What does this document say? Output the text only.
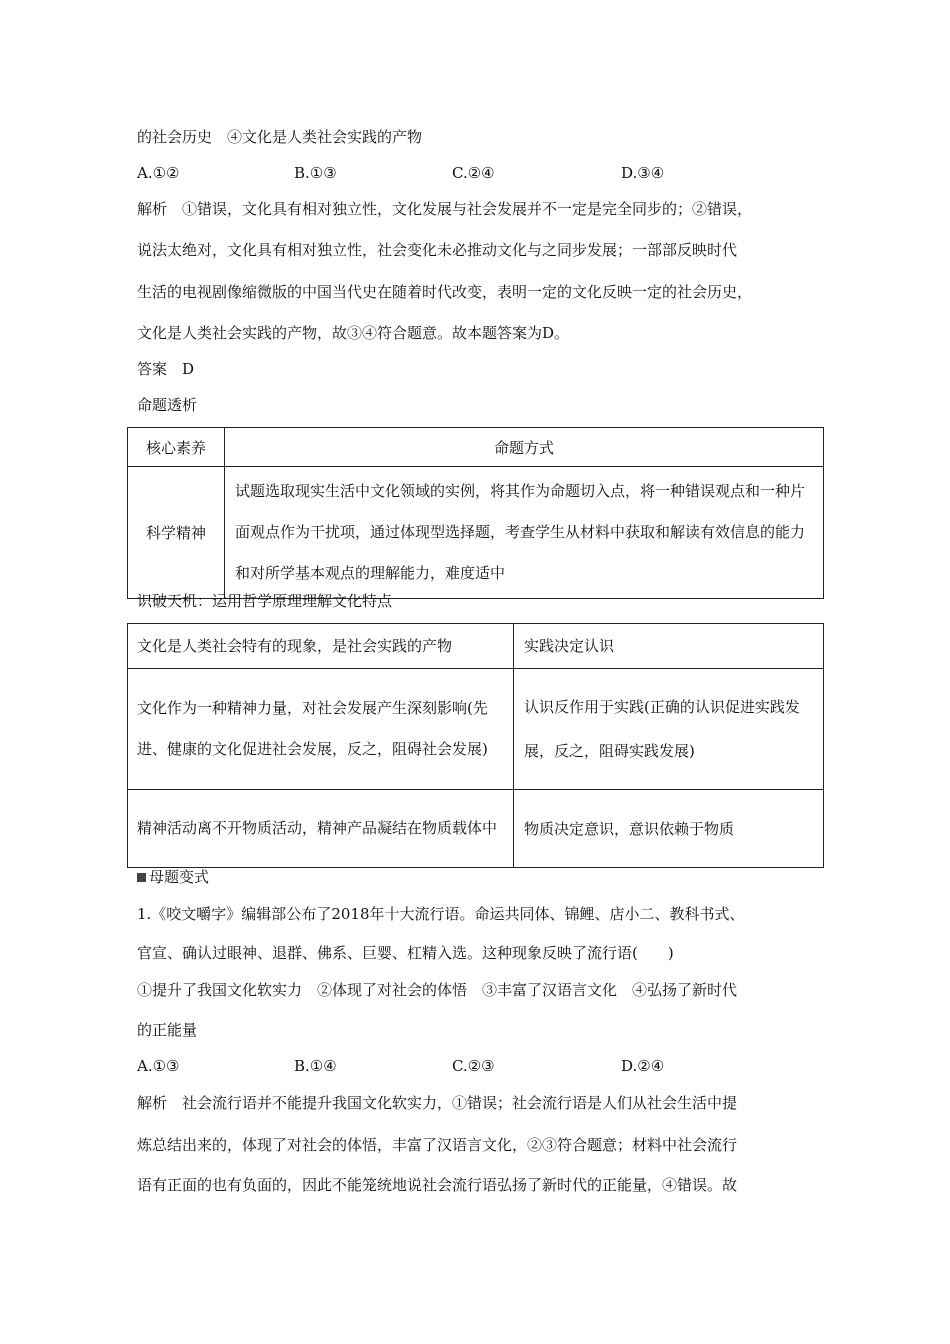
的社会历史　④文化是人类社会实践的产物
A.①②	B.①③	C.②④	D.③④
解析　①错误，文化具有相对独立性，文化发展与社会发展并不一定是完全同步的；②错误，
说法太绝对，文化具有相对独立性，社会变化未必推动文化与之同步发展；一部部反映时代
生活的电视剧像缩微版的中国当代史在随着时代改变，表明一定的文化反映一定的社会历史，
文化是人类社会实践的产物，故③④符合题意。故本题答案为D。
答案　D
命题透析
核心素养	命题方式
科学精神	试题选取现实生活中文化领域的实例，将其作为命题切入点，将一种错误观点和一种片面观点作为干扰项，通过体现型选择题，考查学生从材料中获取和解读有效信息的能力和对所学基本观点的理解能力，难度适中
识破天机：运用哲学原理理解文化特点
文化是人类社会特有的现象，是社会实践的产物	实践决定认识
文化作为一种精神力量，对社会发展产生深刻影响(先进、健康的文化促进社会发展，反之，阻碍社会发展)	认识反作用于实践(正确的认识促进实践发展，反之，阻碍实践发展)
精神活动离不开物质活动，精神产品凝结在物质载体中	物质决定意识，意识依赖于物质
母题变式
1.《咬文嚼字》编辑部公布了2018年十大流行语。命运共同体、锦鲤、店小二、教科书式、
官宣、确认过眼神、退群、佛系、巨婴、杠精入选。这种现象反映了流行语(　　)
①提升了我国文化软实力　②体现了对社会的体悟　③丰富了汉语言文化　④弘扬了新时代
的正能量
A.①③	B.①④	C.②③	D.②④
解析　社会流行语并不能提升我国文化软实力，①错误；社会流行语是人们从社会生活中提
炼总结出来的，体现了对社会的体悟，丰富了汉语言文化，②③符合题意；材料中社会流行
语有正面的也有负面的，因此不能笼统地说社会流行语弘扬了新时代的正能量，④错误。故
